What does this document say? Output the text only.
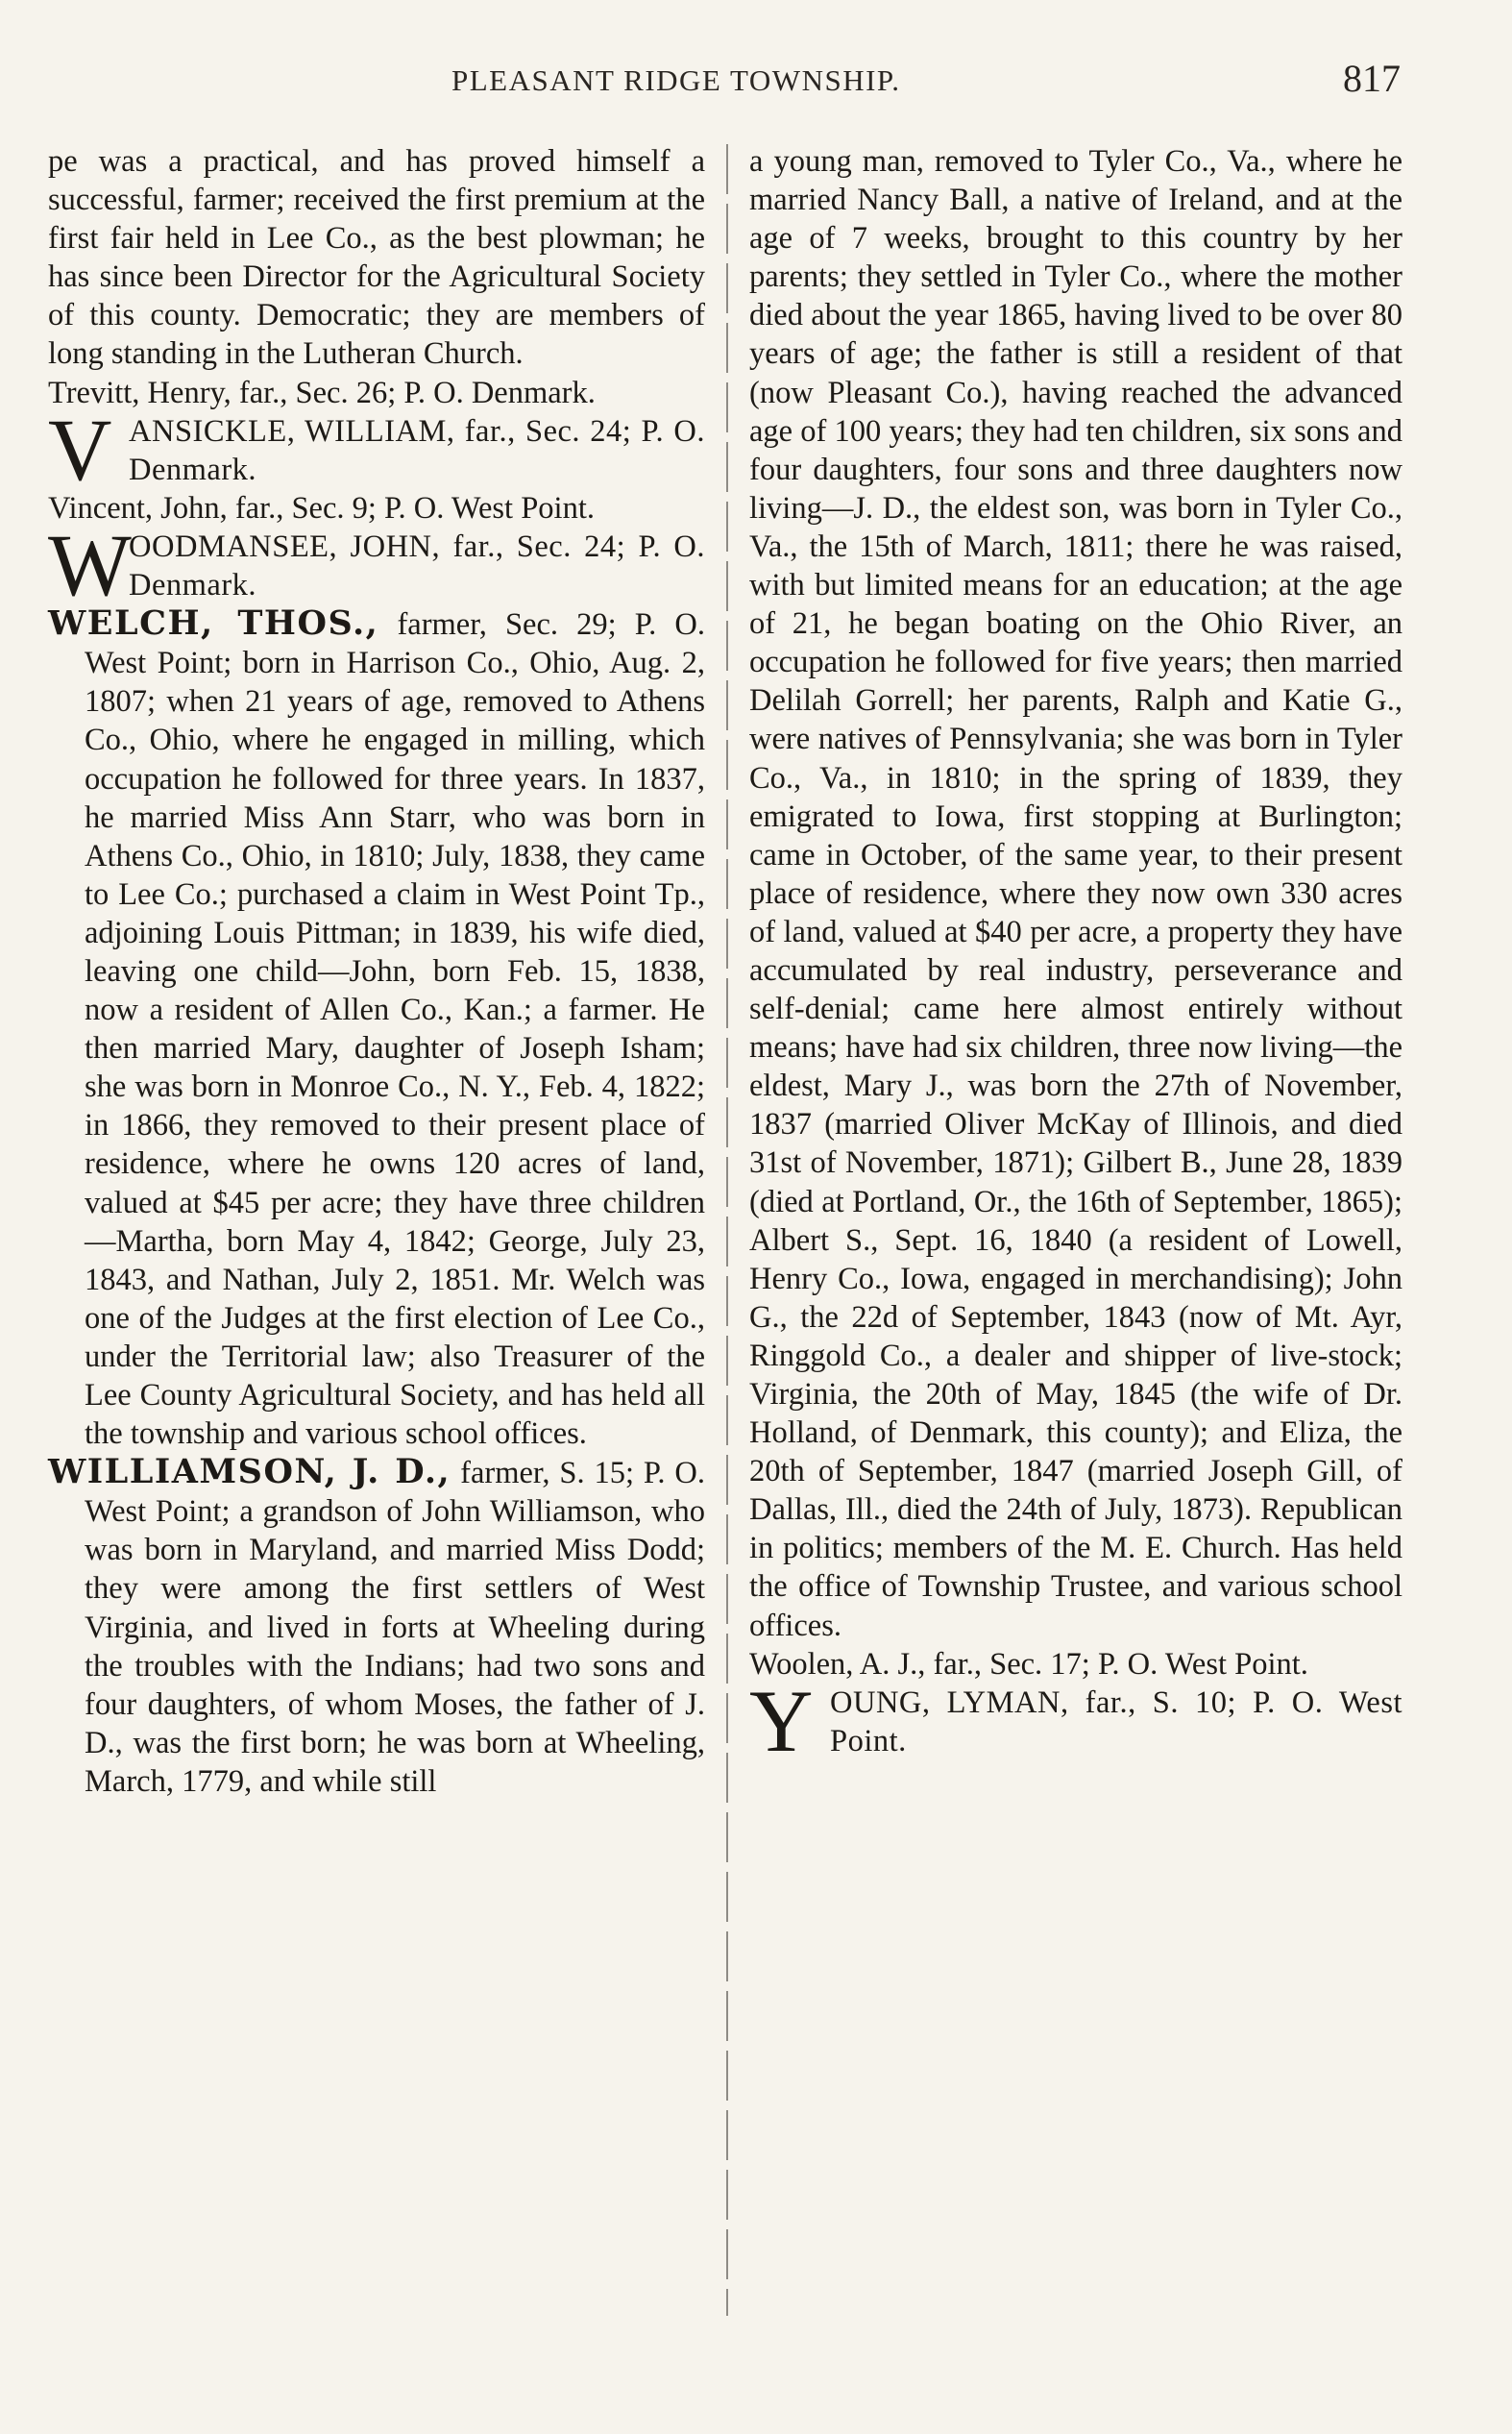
PLEASANT RIDGE TOWNSHIP.	817

pe was a practical, and has proved himself a successful, farmer; received the first premium at the first fair held in Lee Co., as the best plowman; he has since been Director for the Agricultural Society of this county. Democratic; they are members of long standing in the Lutheran Church.

Trevitt, Henry, far., Sec. 26; P. O. Denmark.

V ANSICKLE, WILLIAM, far., Sec. 24; P. O. Denmark.

Vincent, John, far., Sec. 9; P. O. West Point.

W
OODMANSEE, JOHN, far., Sec. 24; P. O. Denmark.

WELCH, THOS., farmer, Sec. 29; P. O. West Point; born in Harrison Co., Ohio, Aug. 2, 1807; when 21 years of age, removed to Athens Co., Ohio, where he engaged in milling, which occupation he followed for three years. In 1837, he married Miss Ann Starr, who was born in Athens Co., Ohio, in 1810; July, 1838, they came to Lee Co.; purchased a claim in West Point Tp., adjoining Louis Pittman; in 1839, his wife died, leaving one child—John, born Feb. 15, 1838, now a resident of Allen Co., Kan.; a farmer. He then married Mary, daughter of Joseph Isham; she was born in Monroe Co., N. Y., Feb. 4, 1822; in 1866, they removed to their present place of residence, where he owns 120 acres of land, valued at $45 per acre; they have three children—Martha, born May 4, 1842; George, July 23, 1843, and Nathan, July 2, 1851. Mr. Welch was one of the Judges at the first election of Lee Co., under the Territorial law; also Treasurer of the Lee County Agricultural Society, and has held all the township and various school offices.

WILLIAMSON, J. D., farmer, S. 15; P. O. West Point; a grandson of John Williamson, who was born in Maryland, and married Miss Dodd; they were among the first settlers of West Virginia, and lived in forts at Wheeling during the troubles with the Indians; had two sons and four daughters, of whom Moses, the father of J. D., was the first born; he was born at Wheeling, March, 1779, and while still

a young man, removed to Tyler Co., Va., where he married Nancy Ball, a native of Ireland, and at the age of 7 weeks, brought to this country by her parents; they settled in Tyler Co., where the mother died about the year 1865, having lived to be over 80 years of age; the father is still a resident of that (now Pleasant Co.), having reached the advanced age of 100 years; they had ten children, six sons and four daughters, four sons and three daughters now living—J. D., the eldest son, was born in Tyler Co., Va., the 15th of March, 1811; there he was raised, with but limited means for an education; at the age of 21, he began boating on the Ohio River, an occupation he followed for five years; then married Delilah Gorrell; her parents, Ralph and Katie G., were natives of Pennsylvania; she was born in Tyler Co., Va., in 1810; in the spring of 1839, they emigrated to Iowa, first stopping at Burlington; came in October, of the same year, to their present place of residence, where they now own 330 acres of land, valued at $40 per acre, a property they have accumulated by real industry, perseverance and self-denial; came here almost entirely without means; have had six children, three now living—the eldest, Mary J., was born the 27th of November, 1837 (married Oliver McKay of Illinois, and died 31st of November, 1871); Gilbert B., June 28, 1839 (died at Portland, Or., the 16th of September, 1865); Albert S., Sept. 16, 1840 (a resident of Lowell, Henry Co., Iowa, engaged in merchandising); John G., the 22d of September, 1843 (now of Mt. Ayr, Ringgold Co., a dealer and shipper of live-stock; Virginia, the 20th of May, 1845 (the wife of Dr. Holland, of Denmark, this county); and Eliza, the 20th of September, 1847 (married Joseph Gill, of Dallas, Ill., died the 24th of July, 1873). Republican in politics; members of the M. E. Church. Has held the office of Township Trustee, and various school offices.

Woolen, A. J., far., Sec. 17; P. O. West Point.

Y OUNG, LYMAN, far., S. 10; P. O. West Point.
